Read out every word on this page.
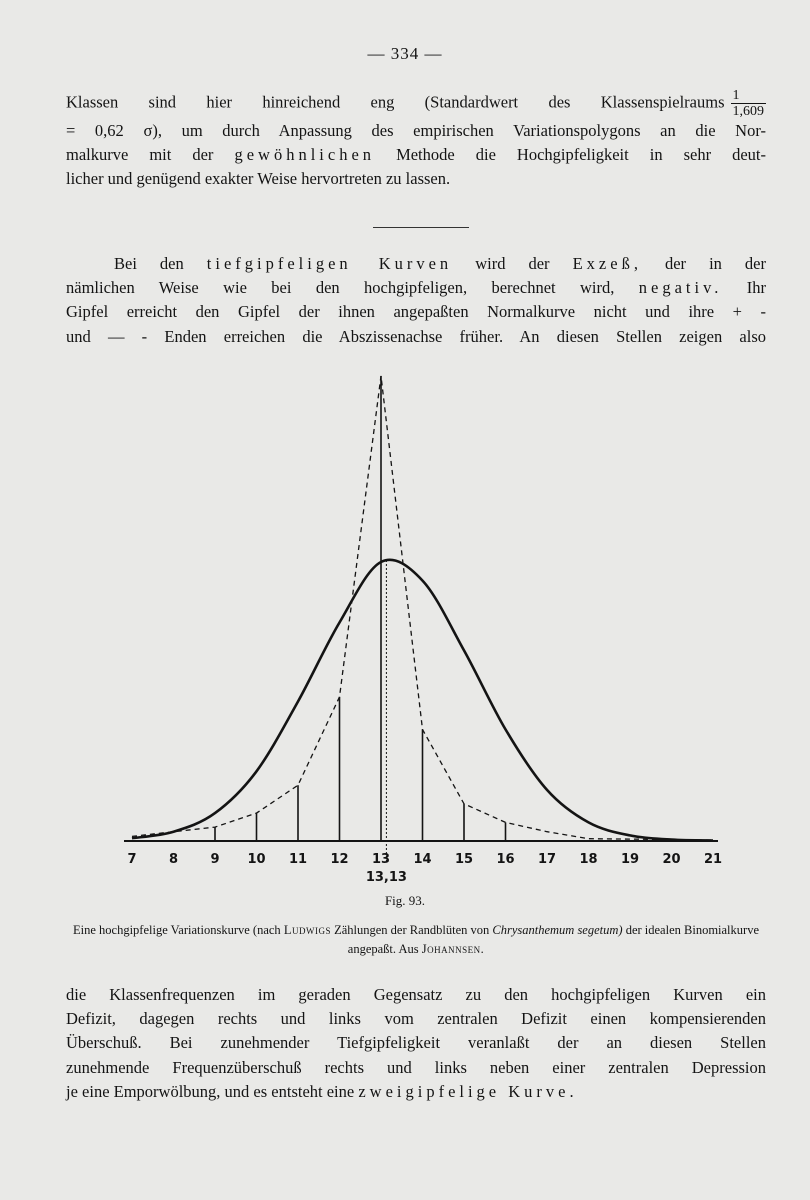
— 334 —
Klassen sind hier hinreichend eng (Standardwert des Klassenspielraums $\frac{1}{1,609}$
= 0,62 σ), um durch Anpassung des empirischen Variationspolygons an die Nor-
malkurve mit der gewöhnlichen Methode die Hochgipfeligkeit in sehr deut-
licher und genügend exakter Weise hervortreten zu lassen.
Bei den tiefgipfeligen Kurven wird der Exzeß, der in der
nämlichen Weise wie bei den hochgipfeligen, berechnet wird, negativ. Ihr
Gipfel erreicht den Gipfel der ihnen angepaßten Normalkurve nicht und ihre + -
und — - Enden erreichen die Abszissenachse früher. An diesen Stellen zeigen also
7 8 9 10 11 12 13 14 15 16 17 18 19 20 21
13,13
Fig. 93.
Eine hochgipfelige Variationskurve (nach Ludwigs Zählungen der Randblüten von Chrysanthemum segetum) der idealen Binomialkurve angepaßt. Aus Johannsen.
die Klassenfrequenzen im geraden Gegensatz zu den hochgipfeligen Kurven ein
Defizit, dagegen rechts und links vom zentralen Defizit einen kompensierenden
Überschuß. Bei zunehmender Tiefgipfeligkeit veranlaßt der an diesen Stellen
zunehmende Frequenzüberschuß rechts und links neben einer zentralen Depression
je eine Emporwölbung, und es entsteht eine zweigipfelige Kurve.
